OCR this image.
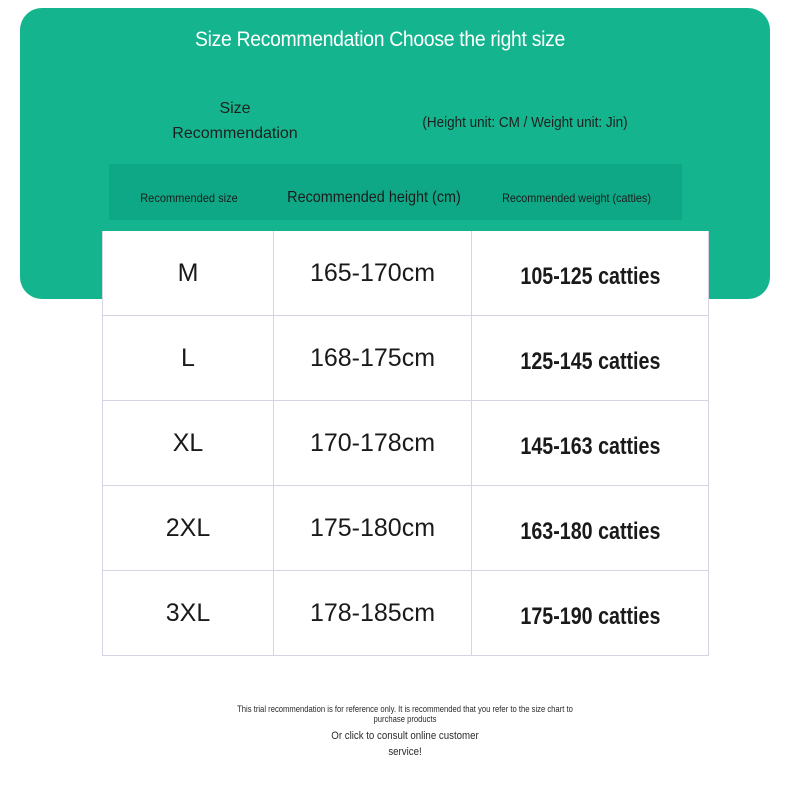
Size Recommendation Choose the right size
Size
Recommendation
(Height unit: CM / Weight unit: Jin)
Recommended size	Recommended height (cm)	Recommended weight (catties)
M	165-170cm	105-125 catties
L	168-175cm	125-145 catties
XL	170-178cm	145-163 catties
2XL	175-180cm	163-180 catties
3XL	178-185cm	175-190 catties
This trial recommendation is for reference only. It is recommended that you refer to the size chart to purchase products
Or click to consult online customer
service!
